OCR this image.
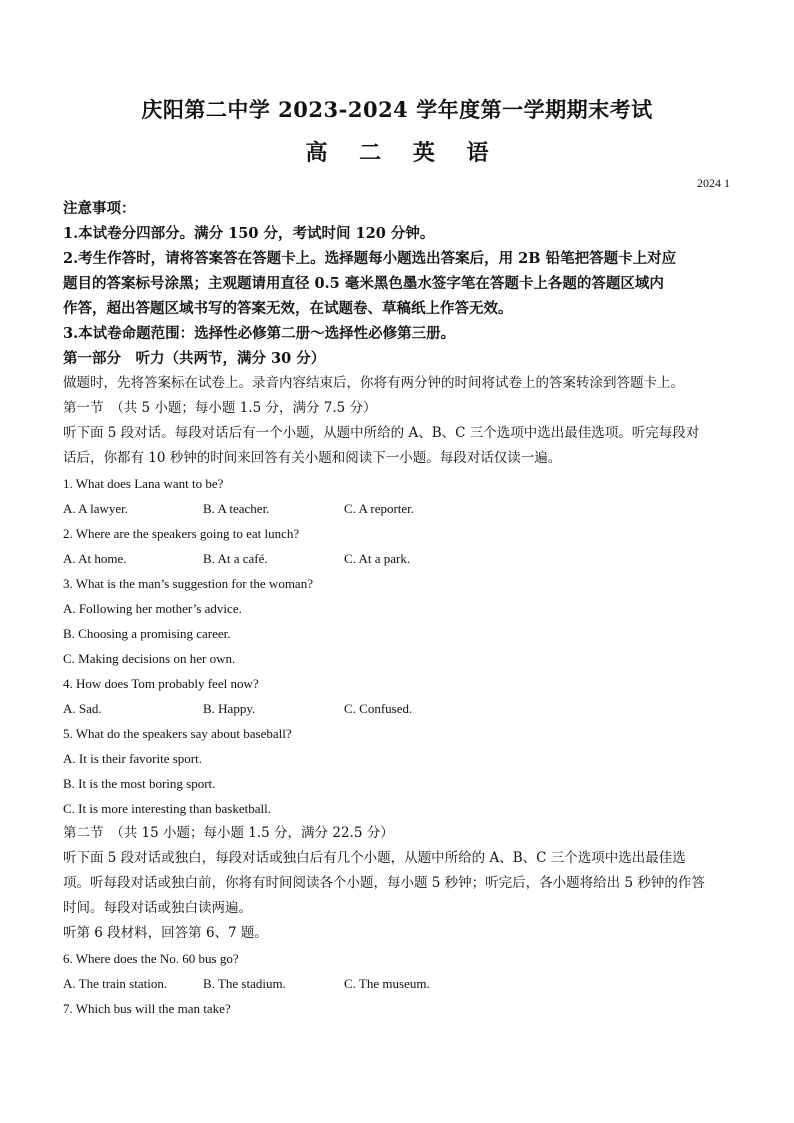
庆阳第二中学 2023-2024 学年度第一学期期末考试
高 二 英 语
2024 1
注意事项：
1.本试卷分四部分。满分 150 分，考试时间 120 分钟。
2.考生作答时，请将答案答在答题卡上。选择题每小题选出答案后，用 2B 铅笔把答题卡上对应
题目的答案标号涂黑；主观题请用直径 0.5 毫米黑色墨水签字笔在答题卡上各题的答题区域内
作答，超出答题区域书写的答案无效，在试题卷、草稿纸上作答无效。
3.本试卷命题范围：选择性必修第二册～选择性必修第三册。
第一部分　听力（共两节，满分 30 分）
做题时，先将答案标在试卷上。录音内容结束后，你将有两分钟的时间将试卷上的答案转涂到答题卡上。
第一节　（共 5 小题；每小题 1.5 分，满分 7.5 分）
听下面 5 段对话。每段对话后有一个小题，从题中所给的 A、B、C 三个选项中选出最佳选项。听完每段对
话后，你都有 10 秒钟的时间来回答有关小题和阅读下一小题。每段对话仅读一遍。
1. What does Lana want to be?
A. A lawyer.	B. A teacher.	C. A reporter.
2. Where are the speakers going to eat lunch?
A. At home.	B. At a café.	C. At a park.
3. What is the man’s suggestion for the woman?
A. Following her mother’s advice.
B. Choosing a promising career.
C. Making decisions on her own.
4. How does Tom probably feel now?
A. Sad.	B. Happy.	C. Confused.
5. What do the speakers say about baseball?
A. It is their favorite sport.
B. It is the most boring sport.
C. It is more interesting than basketball.
第二节　（共 15 小题；每小题 1.5 分，满分 22.5 分）
听下面 5 段对话或独白，每段对话或独白后有几个小题，从题中所给的 A、B、C 三个选项中选出最佳选
项。听每段对话或独白前，你将有时间阅读各个小题，每小题 5 秒钟；听完后，各小题将给出 5 秒钟的作答
时间。每段对话或独白读两遍。
听第 6 段材料，回答第 6、7 题。
6. Where does the No. 60 bus go?
A. The train station.	B. The stadium.	C. The museum.
7. Which bus will the man take?
